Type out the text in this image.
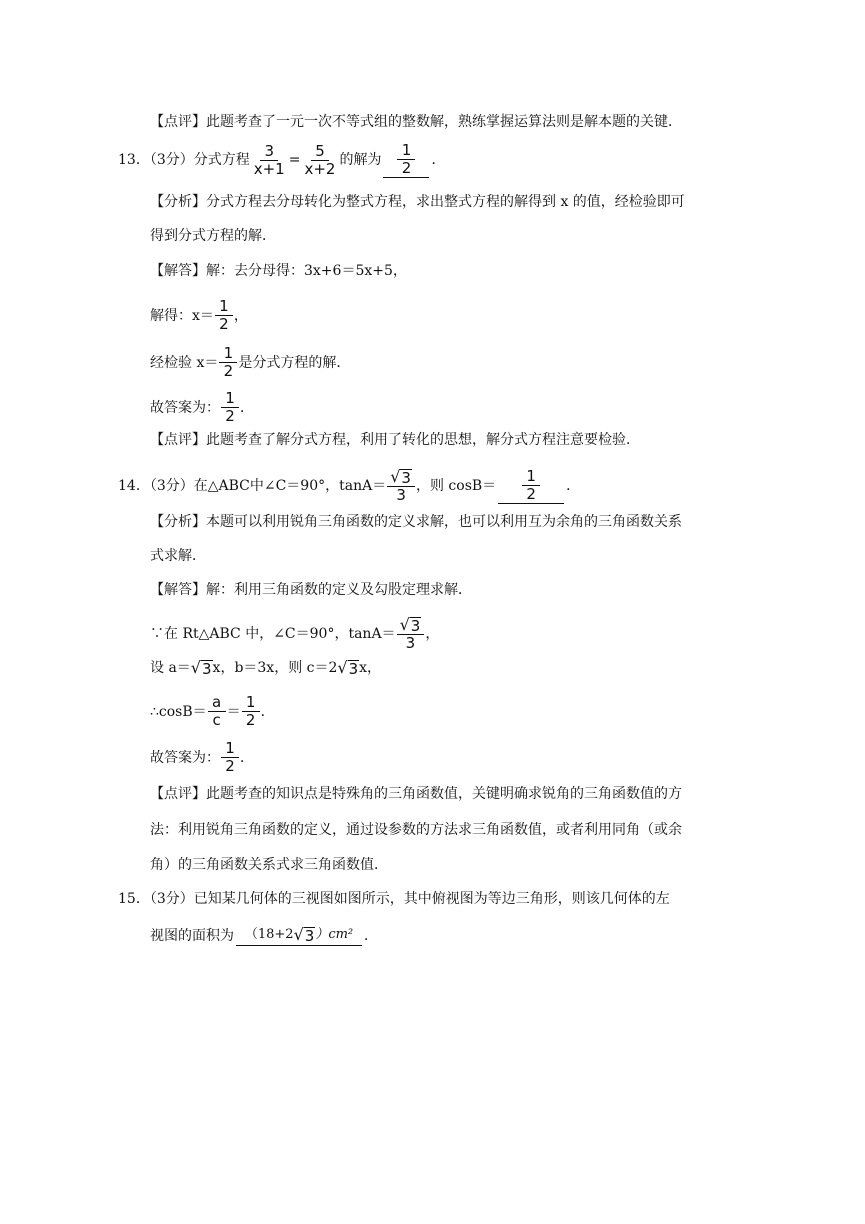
【点评】此题考查了一元一次不等式组的整数解，熟练掌握运算法则是解本题的关键．
13．（3分）分式方程 $\frac{3}{x+1} = \frac{5}{x+2}$ 的解为 $\frac{1}{2}$ ．
【分析】分式方程去分母转化为整式方程，求出整式方程的解得到 x 的值，经检验即可
得到分式方程的解．
【解答】解：去分母得：3x+6＝5x+5，
解得：$x= \frac{1}{2}$ ，
经检验 $x= \frac{1}{2}$ 是分式方程的解．
故答案为： $\frac{1}{2}$ ．
【点评】此题考查了解分式方程，利用了转化的思想，解分式方程注意要检验．
14．（3分）在△ABC中∠C＝90°，$\tan A= \frac{√ 3}{3}$ ，则 $\cos B= \frac{1}{2}$ ．
【分析】本题可以利用锐角三角函数的定义求解，也可以利用互为余角的三角函数关系
式求解．
【解答】解：利用三角函数的定义及勾股定理求解．
∵在 Rt△ABC 中，∠C＝90°，$\tan A= \frac{√ 3}{3}$ ，
设 a＝ √ 3 x，b＝3x，则 c＝2 √ 3 x，
∴cosB＝ $\frac{a}{c} = \frac{1}{2}$ ．
故答案为： $\frac{1}{2}$ ．
【点评】此题考查的知识点是特殊角的三角函数值，关键明确求锐角的三角函数值的方
法：利用锐角三角函数的定义，通过设参数的方法求三角函数值，或者利用同角（或余
角）的三角函数关系式求三角函数值．
15．（3分）已知某几何体的三视图如图所示，其中俯视图为等边三角形，则该几何体的左
视图的面积为 （18+2 √ 3 ）cm² ．
